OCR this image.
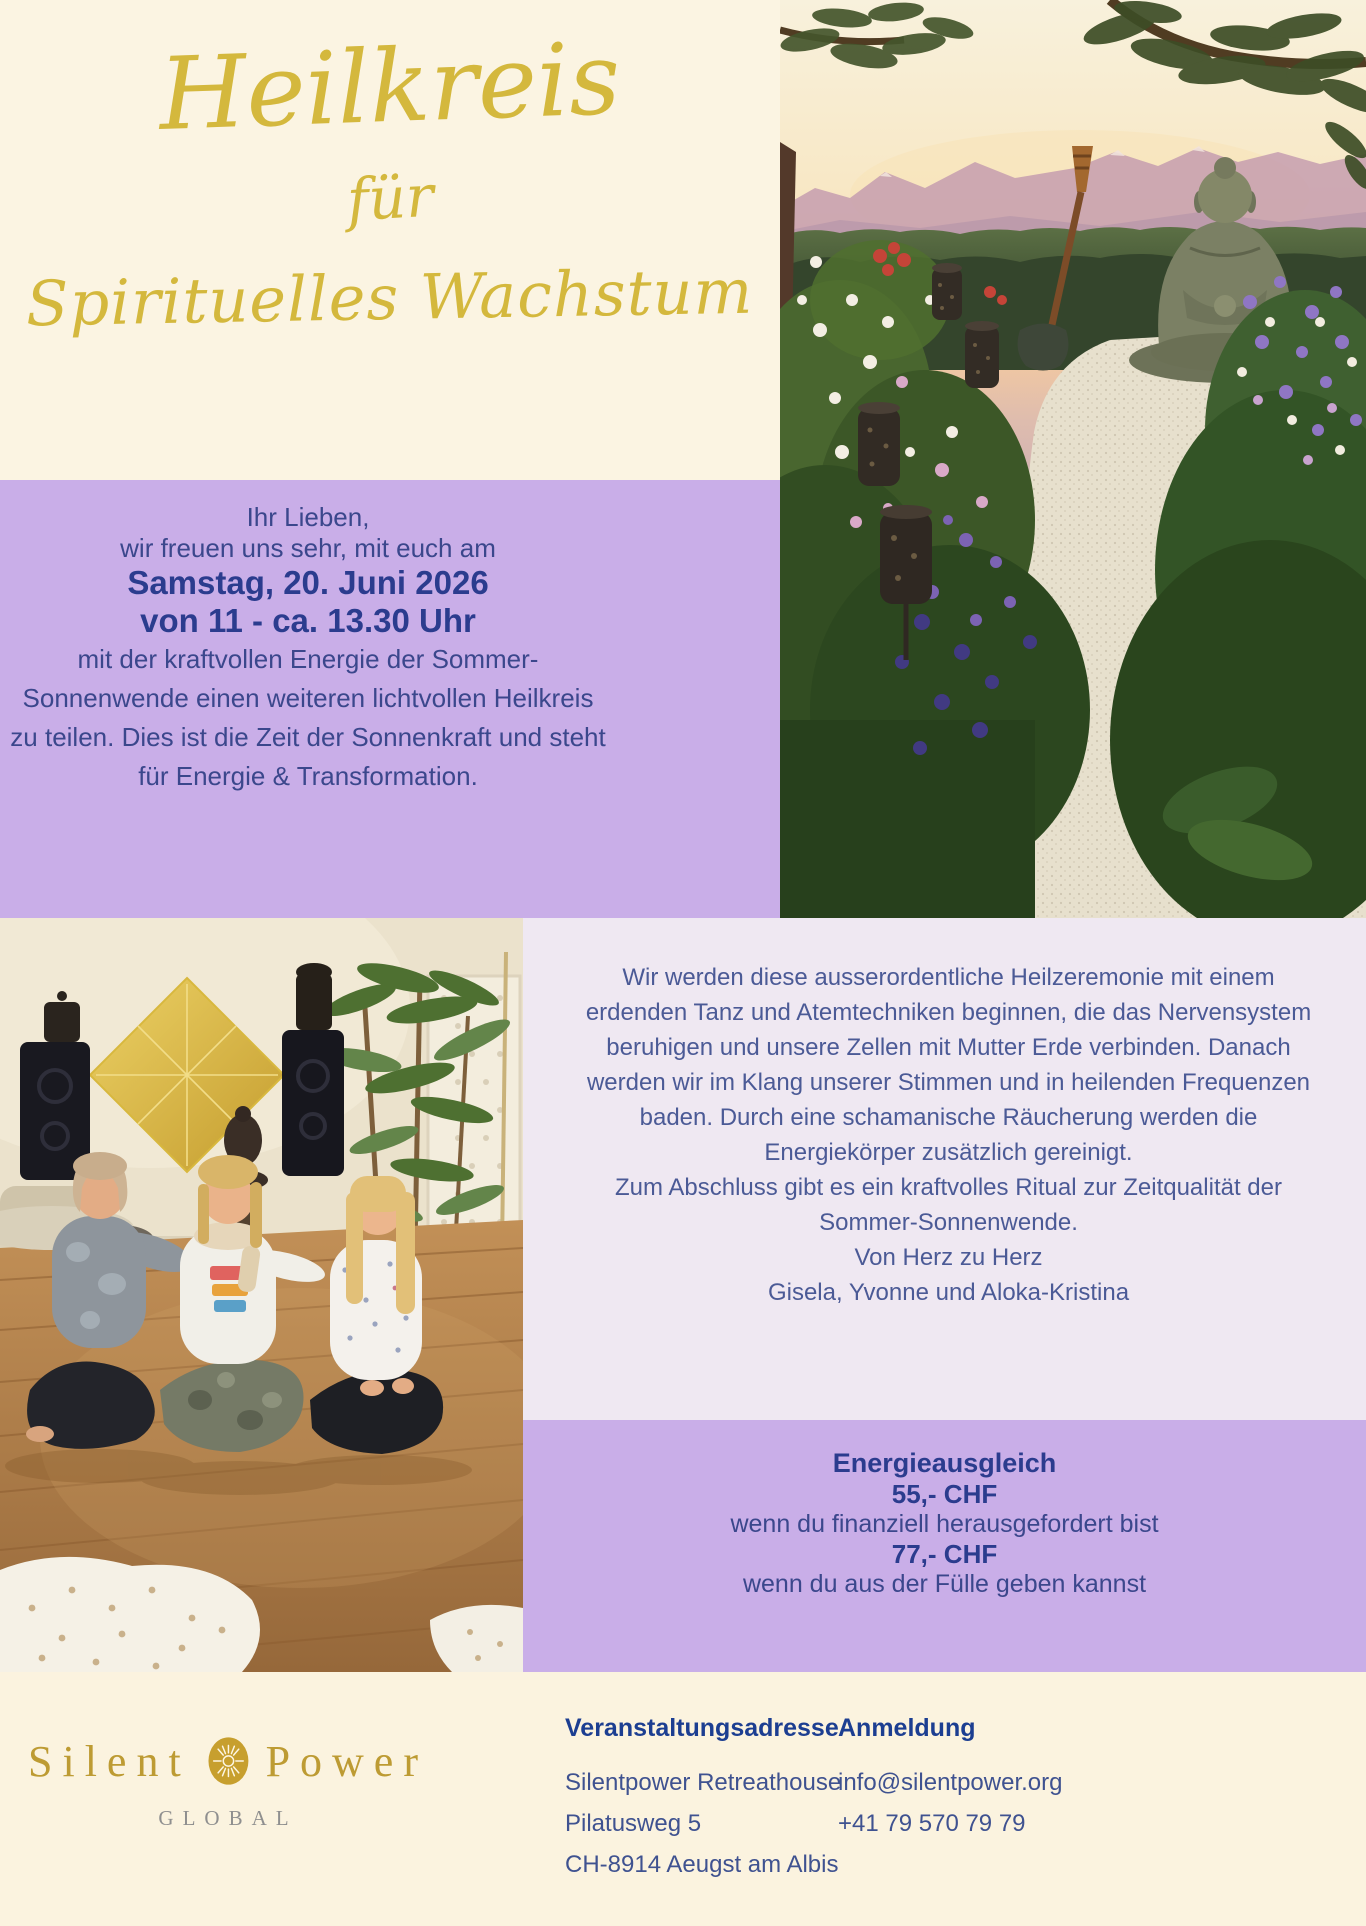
Heilkreis
für
Spirituelles Wachstum

Ihr Lieben,

wir freuen uns sehr, mit euch am

Samstag, 20. Juni 2026

von 11 - ca. 13.30 Uhr

mit der kraftvollen Energie der Sommer-Sonnenwende einen weiteren lichtvollen Heilkreis zu teilen. Dies ist die Zeit der Sonnenkraft und steht für Energie & Transformation.

Wir werden diese ausserordentliche Heilzeremonie mit einem erdenden Tanz und Atemtechniken beginnen, die das Nervensystem beruhigen und unsere Zellen mit Mutter Erde verbinden. Danach werden wir im Klang unserer Stimmen und in heilenden Frequenzen baden. Durch eine schamanische Räucherung werden die Energiekörper zusätzlich gereinigt.

Zum Abschluss gibt es ein kraftvolles Ritual zur Zeitqualität der Sommer-Sonnenwende.

Von Herz zu Herz

Gisela, Yvonne und Aloka-Kristina

Energieausgleich

55,- CHF

wenn du finanziell herausgefordert bist

77,- CHF

wenn du aus der Fülle geben kannst

Silent Power
GLOBAL
Veranstaltungsadresse

Silentpower Retreathouse

Pilatusweg 5

CH-8914 Aeugst am Albis

Anmeldung

info@silentpower.org

+41 79 570 79 79
